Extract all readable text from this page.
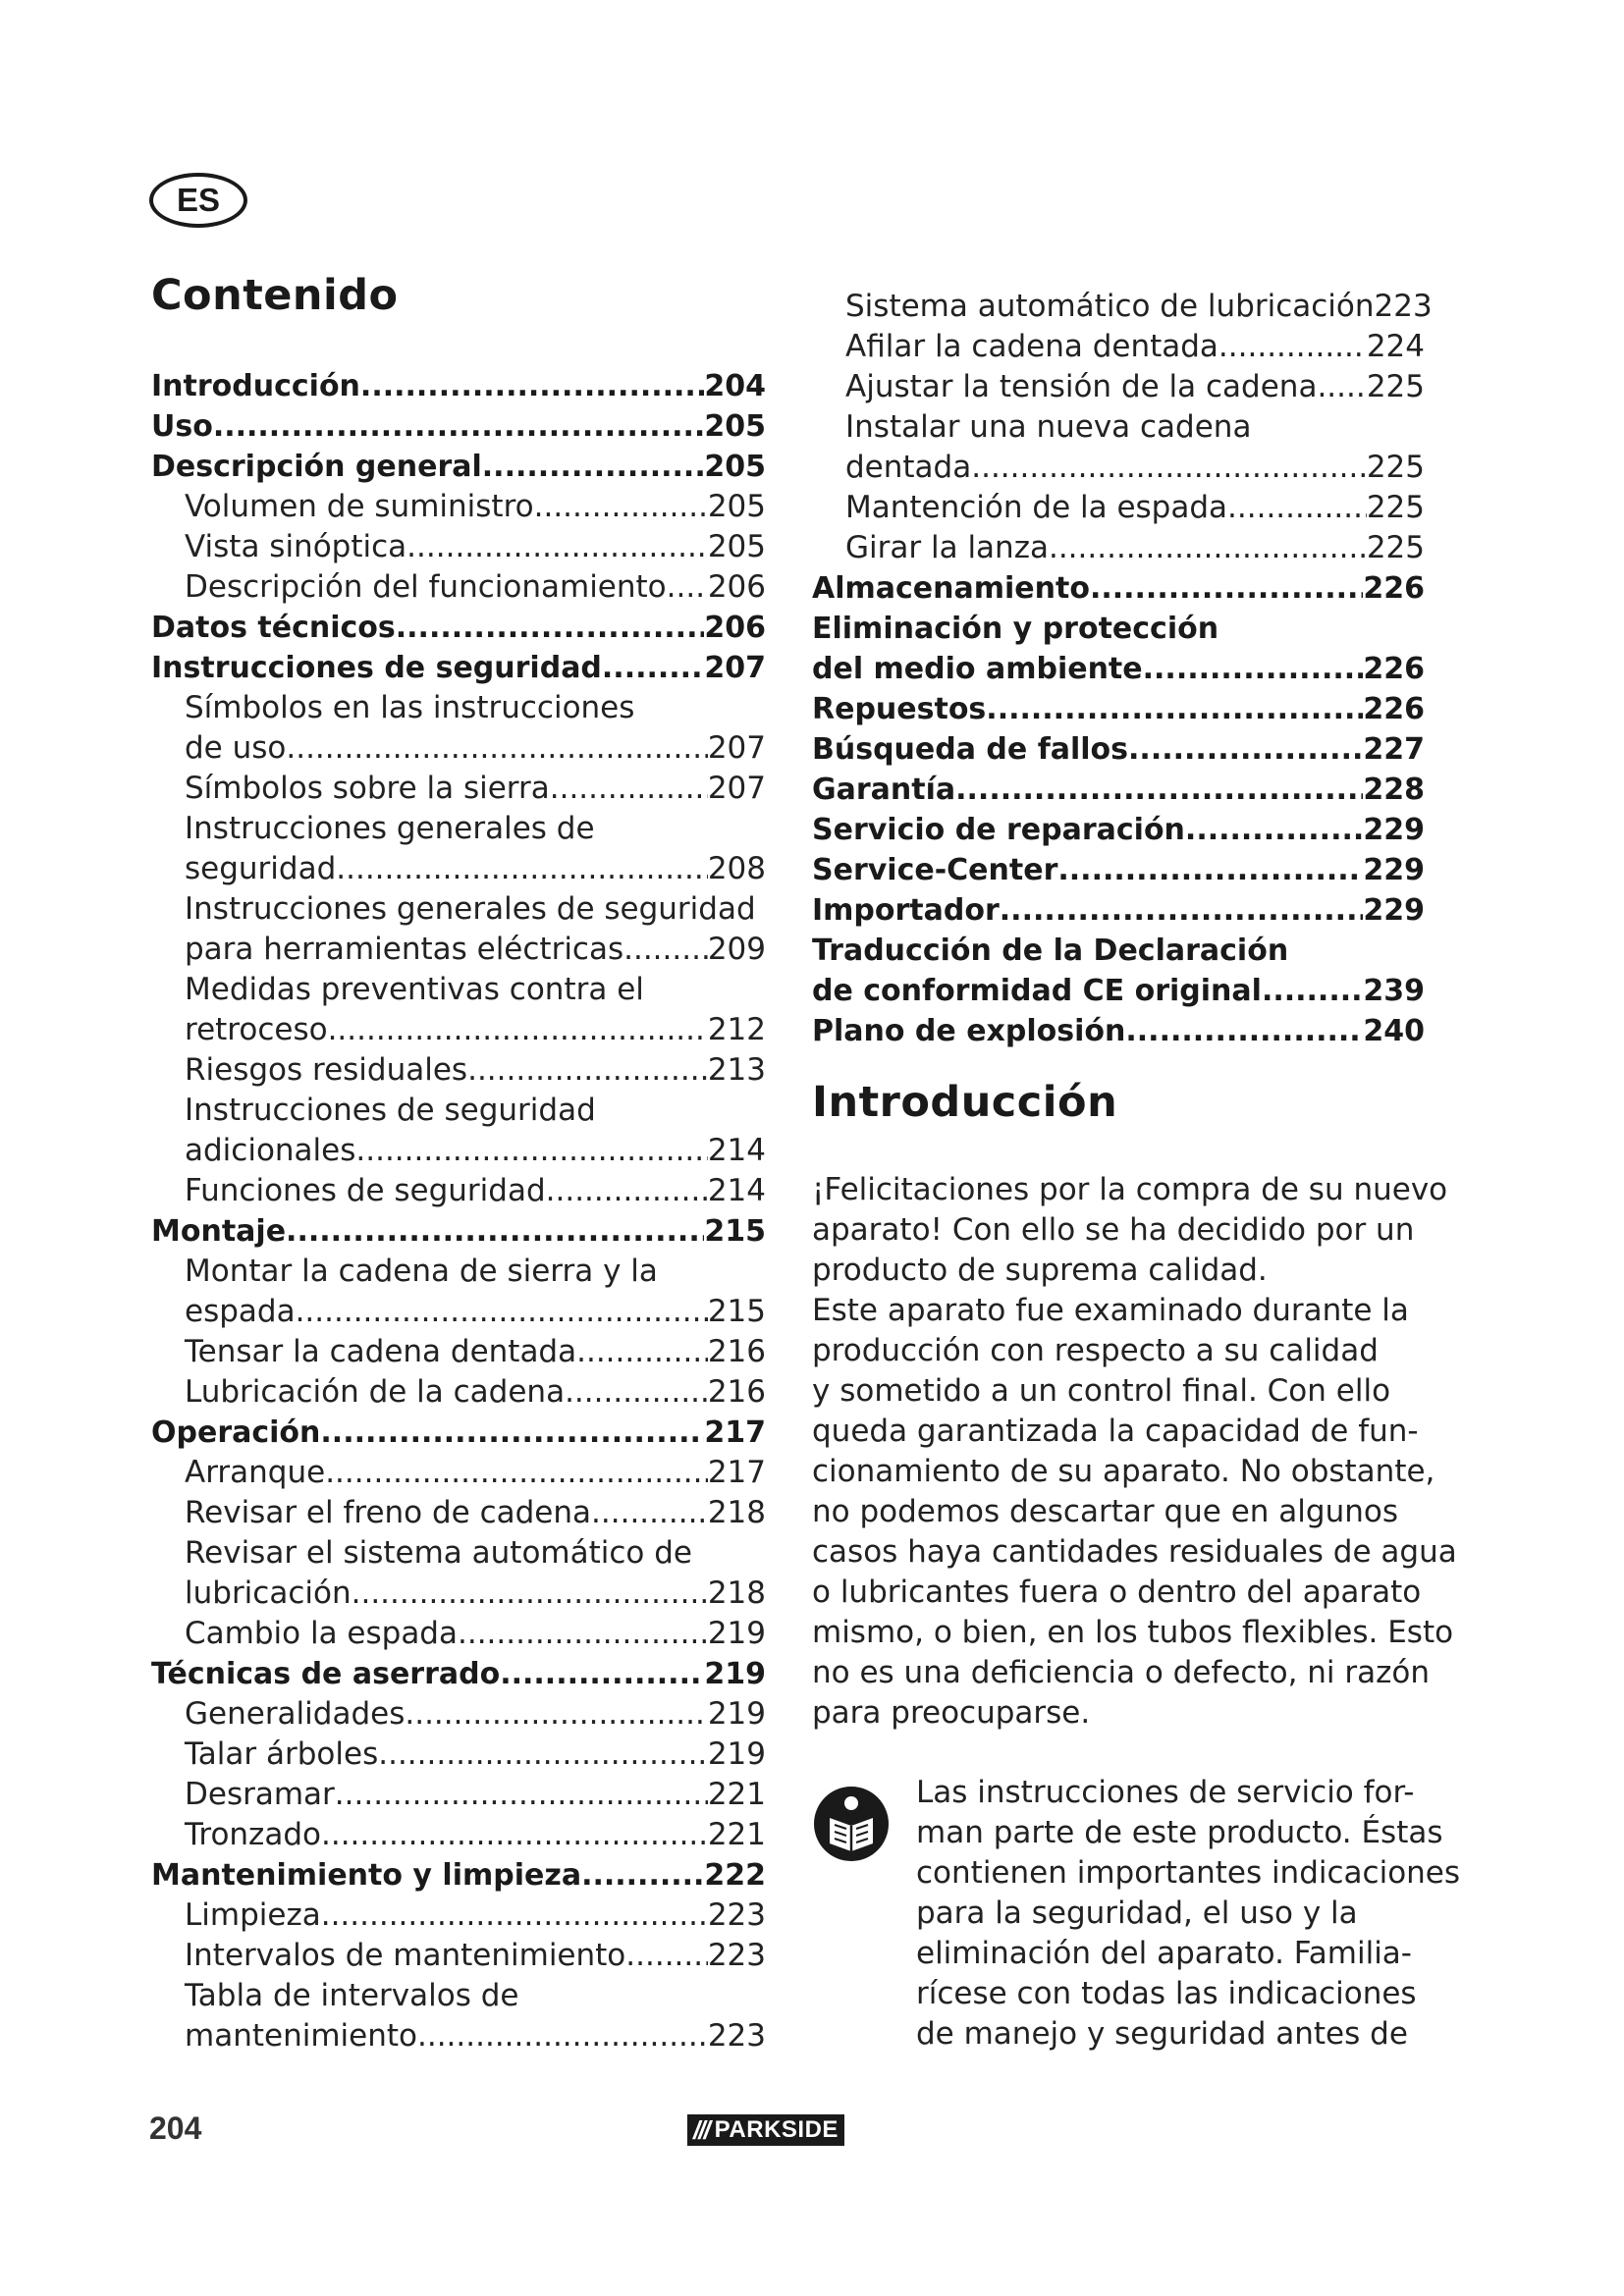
ES
Contenido
Introducción .....	204
Uso .....	205
Descripción general .....	205
Volumen de suministro .....	205
Vista sinóptica .....	205
Descripción del funcionamiento ..... 206
Datos técnicos .....	206
Instrucciones de seguridad .....	207
Símbolos en las instrucciones
de uso .....	207
Símbolos sobre la sierra .....	207
Instrucciones generales de
seguridad .....	208
Instrucciones generales de seguridad
para herramientas eléctricas .....	209
Medidas preventivas contra el
retroceso .....	212
Riesgos residuales .....	213
Instrucciones de seguridad
adicionales .....	214
Funciones de seguridad .....	214
Montaje .....	215
Montar la cadena de sierra y la
espada .....	215
Tensar la cadena dentada .....	216
Lubricación de la cadena .....	216
Operación .....	217
Arranque .....	217
Revisar el freno de cadena .....	218
Revisar el sistema automático de
lubricación .....	218
Cambio la espada .....	219
Técnicas de aserrado .....	219
Generalidades .....	219
Talar árboles .....	219
Desramar .....	221
Tronzado .....	221
Mantenimiento y limpieza .....	222
Limpieza .....	223
Intervalos de mantenimiento .....	223
Tabla de intervalos de
mantenimiento .....	223
Sistema automático de lubricación 223
Afilar la cadena dentada .....	224
Ajustar la tensión de la cadena ..... 225
Instalar una nueva cadena
dentada .....	225
Mantención de la espada .....	225
Girar la lanza .....	225
Almacenamiento .....	226
Eliminación y protección
del medio ambiente .....	226
Repuestos .....	226
Búsqueda de fallos .....	227
Garantía .....	228
Servicio de reparación .....	229
Service-Center .....	229
Importador .....	229
Traducción de la Declaración
de conformidad CE original .....	239
Plano de explosión .....	240
Introducción
¡Felicitaciones por la compra de su nuevo
aparato! Con ello se ha decidido por un
producto de suprema calidad.
Este aparato fue examinado durante la
producción con respecto a su calidad
y sometido a un control final. Con ello
queda garantizada la capacidad de fun-
cionamiento de su aparato. No obstante,
no podemos descartar que en algunos
casos haya cantidades residuales de agua
o lubricantes fuera o dentro del aparato
mismo, o bien, en los tubos flexibles. Esto
no es una deficiencia o defecto, ni razón
para preocuparse.
Las instrucciones de servicio for-
man parte de este producto. Éstas
contienen importantes indicaciones
para la seguridad, el uso y la
eliminación del aparato. Familia-
rícese con todas las indicaciones
de manejo y seguridad antes de
204	/// PARKSIDE
